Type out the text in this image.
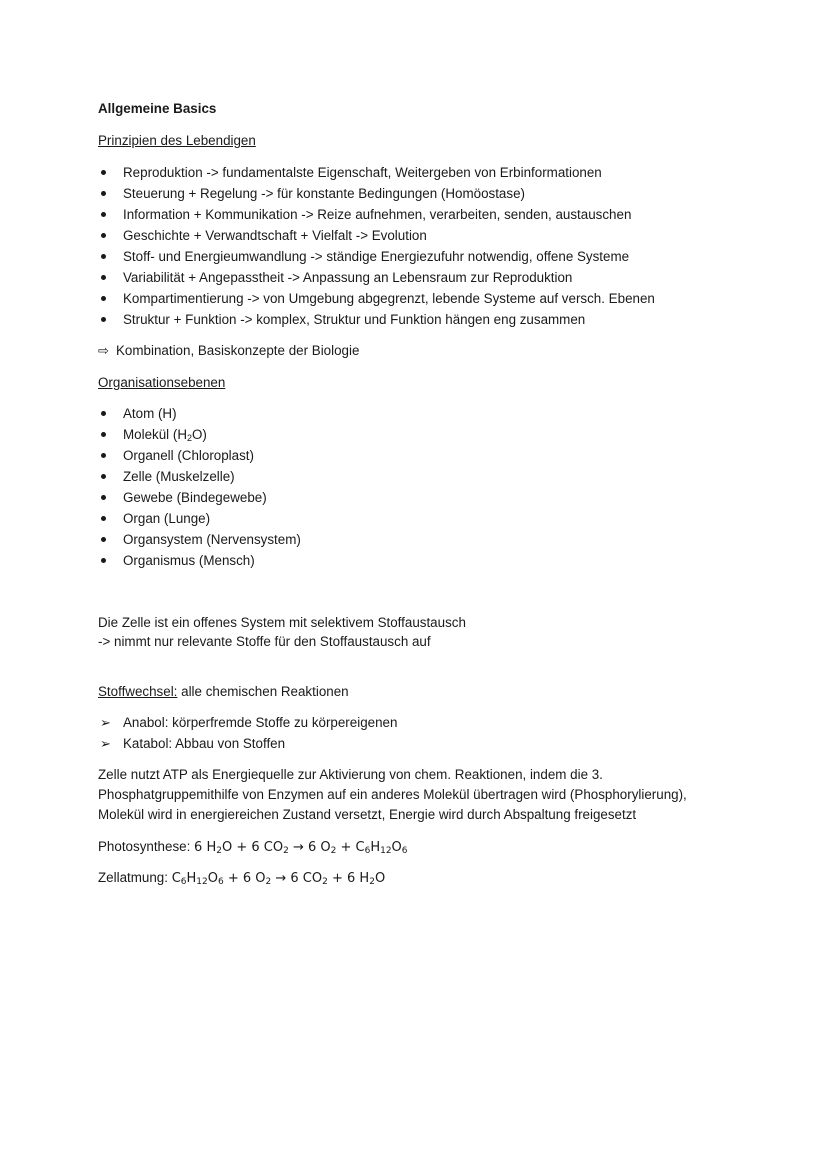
Allgemeine Basics
Prinzipien des Lebendigen
Reproduktion -> fundamentalste Eigenschaft, Weitergeben von Erbinformationen
Steuerung + Regelung -> für konstante Bedingungen (Homöostase)
Information + Kommunikation -> Reize aufnehmen, verarbeiten, senden, austauschen
Geschichte + Verwandtschaft + Vielfalt -> Evolution
Stoff- und Energieumwandlung -> ständige Energiezufuhr notwendig, offene Systeme
Variabilität + Angepasstheit -> Anpassung an Lebensraum zur Reproduktion
Kompartimentierung -> von Umgebung abgegrenzt, lebende Systeme auf versch. Ebenen
Struktur + Funktion -> komplex, Struktur und Funktion hängen eng zusammen
⇨ Kombination, Basiskonzepte der Biologie
Organisationsebenen
Atom (H)
Molekül $(H_2O)$
Organell (Chloroplast)
Zelle (Muskelzelle)
Gewebe (Bindegewebe)
Organ (Lunge)
Organsystem (Nervensystem)
Organismus (Mensch)
Die Zelle ist ein offenes System mit selektivem Stoffaustausch
-> nimmt nur relevante Stoffe für den Stoffaustausch auf
Stoffwechsel: alle chemischen Reaktionen
➢ Anabol: körperfremde Stoffe zu körpereigenen
➢ Katabol: Abbau von Stoffen
Zelle nutzt ATP als Energiequelle zur Aktivierung von chem. Reaktionen, indem die 3.
Phosphatgruppemithilfe von Enzymen auf ein anderes Molekül übertragen wird (Phosphorylierung),
Molekül wird in energiereichen Zustand versetzt, Energie wird durch Abspaltung freigesetzt
Photosynthese: 6 $H_2O + 6$ $CO_2 \to 6$ $O_2 + C_6H_{12}O_6$
Zellatmung: $C_6H_{12}O_6 + 6$ $O_2 \to 6$ $CO_2 + 6$ $H_2O$
